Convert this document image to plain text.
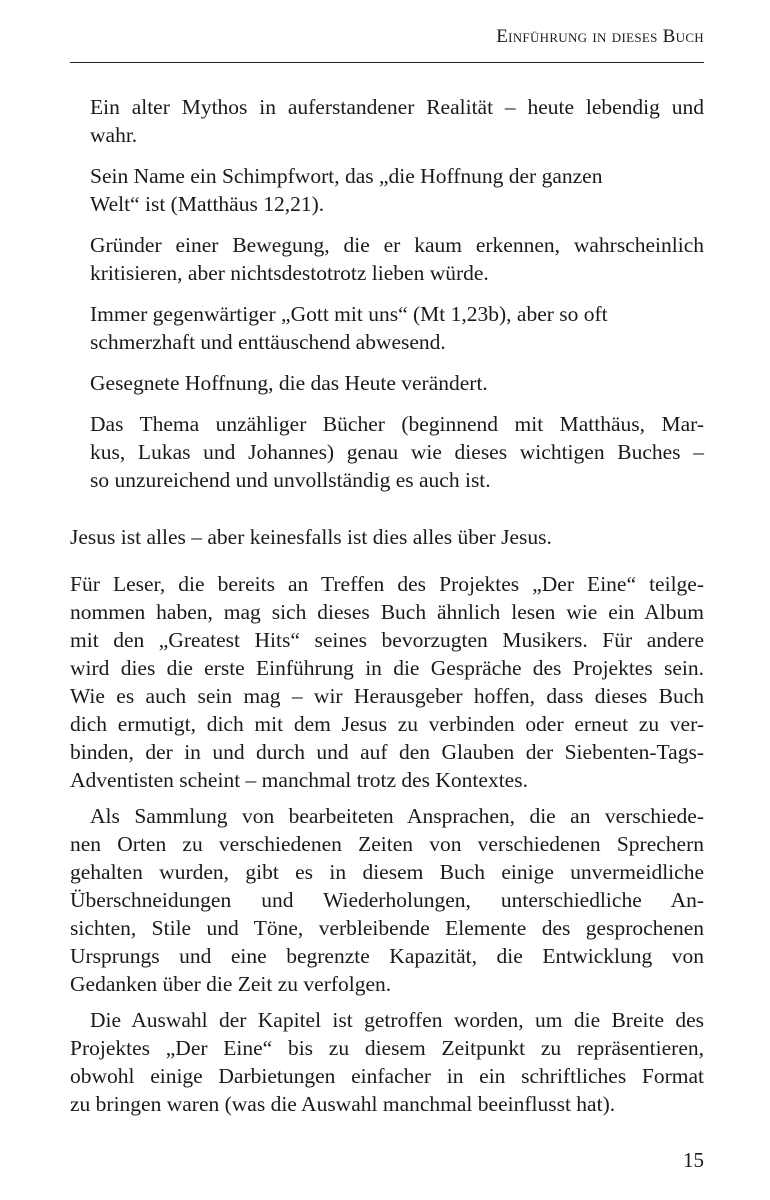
Einführung in dieses Buch
Ein alter Mythos in auferstandener Realität – heute lebendig und
wahr.
Sein Name ein Schimpfwort, das „die Hoffnung der ganzen
Welt“ ist (Matthäus 12,21).
Gründer einer Bewegung, die er kaum erkennen, wahrscheinlich
kritisieren, aber nichtsdestotrotz lieben würde.
Immer gegenwärtiger „Gott mit uns“ (Mt 1,23b), aber so oft
schmerzhaft und enttäuschend abwesend.
Gesegnete Hoffnung, die das Heute verändert.
Das Thema unzähliger Bücher (beginnend mit Matthäus, Mar-
kus, Lukas und Johannes) genau wie dieses wichtigen Buches –
so unzureichend und unvollständig es auch ist.
Jesus ist alles – aber keinesfalls ist dies alles über Jesus.
Für Leser, die bereits an Treffen des Projektes „Der Eine“ teilge-
nommen haben, mag sich dieses Buch ähnlich lesen wie ein Album
mit den „Greatest Hits“ seines bevorzugten Musikers. Für andere
wird dies die erste Einführung in die Gespräche des Projektes sein.
Wie es auch sein mag – wir Herausgeber hoffen, dass dieses Buch
dich ermutigt, dich mit dem Jesus zu verbinden oder erneut zu ver-
binden, der in und durch und auf den Glauben der Siebenten-Tags-
Adventisten scheint – manchmal trotz des Kontextes.
Als Sammlung von bearbeiteten Ansprachen, die an verschiede-
nen Orten zu verschiedenen Zeiten von verschiedenen Sprechern
gehalten wurden, gibt es in diesem Buch einige unvermeidliche
Überschneidungen und Wiederholungen, unterschiedliche An-
sichten, Stile und Töne, verbleibende Elemente des gesprochenen
Ursprungs und eine begrenzte Kapazität, die Entwicklung von
Gedanken über die Zeit zu verfolgen.
Die Auswahl der Kapitel ist getroffen worden, um die Breite des
Projektes „Der Eine“ bis zu diesem Zeitpunkt zu repräsentieren,
obwohl einige Darbietungen einfacher in ein schriftliches Format
zu bringen waren (was die Auswahl manchmal beeinflusst hat).
15
